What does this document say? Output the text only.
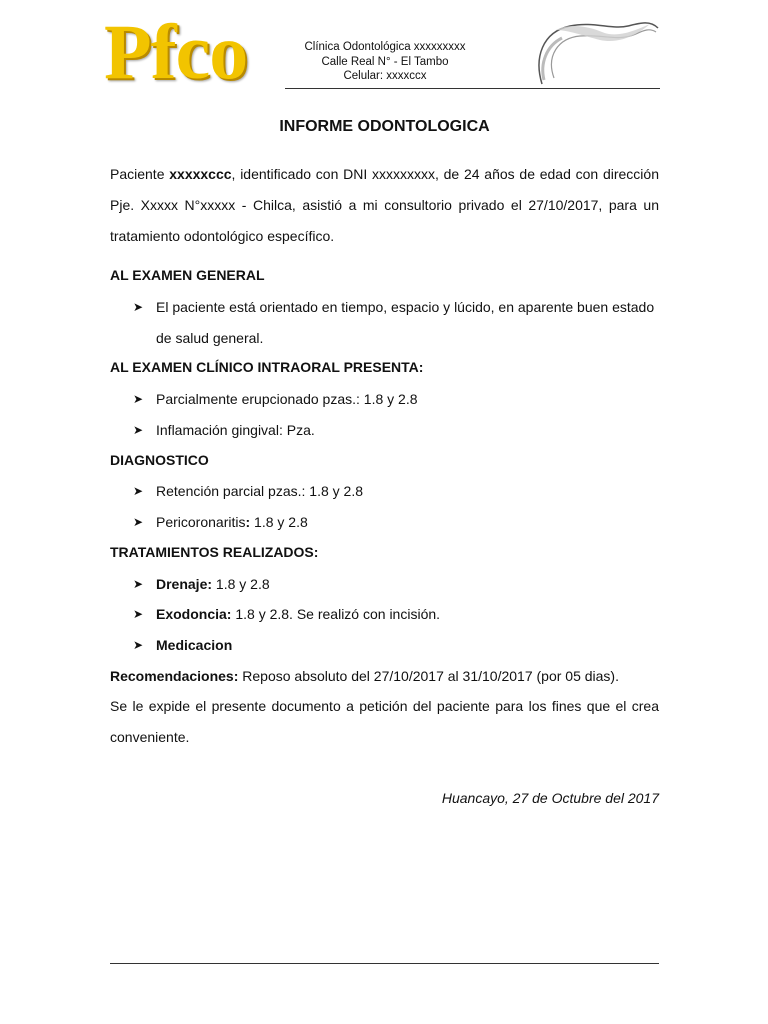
Pfco	Clínica Odontológica xxxxxxxxx
Calle Real N° - El Tambo
Celular: xxxxccx
INFORME ODONTOLOGICA
Paciente xxxxxccc, identificado con DNI xxxxxxxxx, de 24 años de edad con dirección Pje. Xxxxx N°xxxxx - Chilca, asistió a mi consultorio privado el 27/10/2017, para un tratamiento odontológico específico.
AL EXAMEN GENERAL
➤ El paciente está orientado en tiempo, espacio y lúcido, en aparente buen estado de salud general.
AL EXAMEN CLÍNICO INTRAORAL PRESENTA:
➤ Parcialmente erupcionado pzas.: 1.8 y 2.8
➤ Inflamación gingival: Pza.
DIAGNOSTICO
➤ Retención parcial pzas.: 1.8 y 2.8
➤ Pericoronaritis: 1.8 y 2.8
TRATAMIENTOS REALIZADOS:
➤ Drenaje: 1.8 y 2.8
➤ Exodoncia: 1.8 y 2.8. Se realizó con incisión.
➤ Medicacion
Recomendaciones: Reposo absoluto del 27/10/2017 al 31/10/2017 (por 05 dias).
Se le expide el presente documento a petición del paciente para los fines que el crea conveniente.
Huancayo, 27 de Octubre del 2017
